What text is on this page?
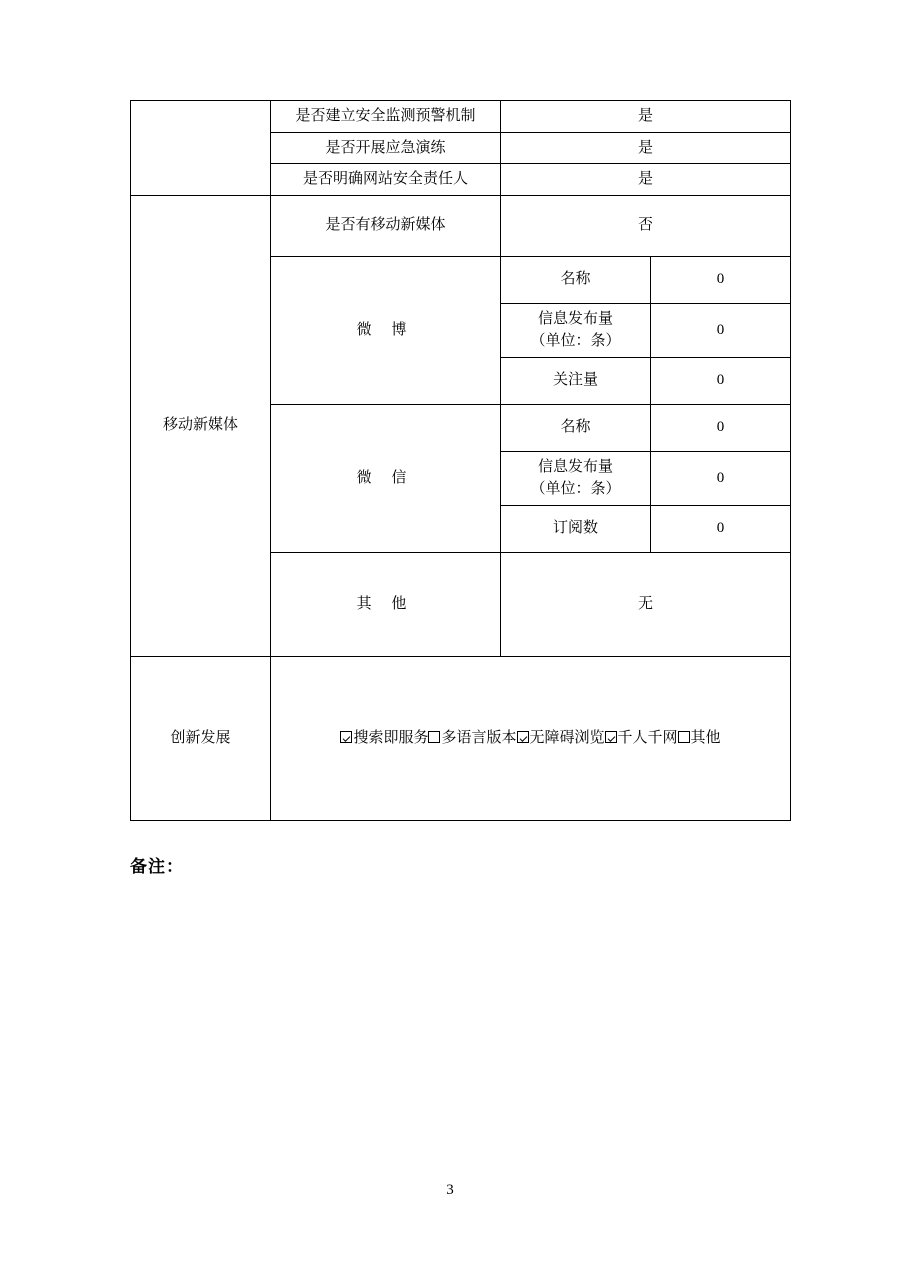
	是否建立安全监测预警机制	是	
	是否开展应急演练	是	
	是否明确网站安全责任人	是	
移动新媒体	是否有移动新媒体	否	
	微 博	名称	0

		信息发布量
（单位：条）	0
		关注量	0
	微 信	名称	0

		信息发布量
（单位：条）	0
		订阅数	0
	其 他	无	
创新发展	搜索即服务 多语言版本 无障碍浏览 千人千网 其他		
备注：
3
